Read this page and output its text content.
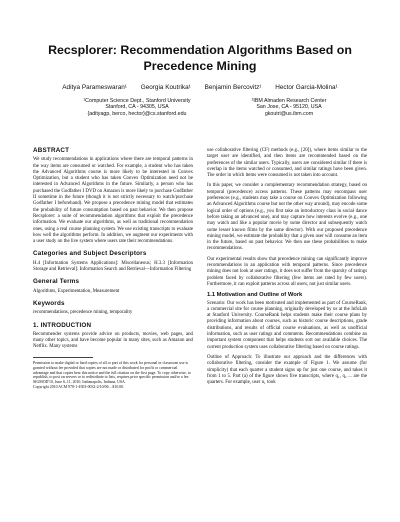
Recsplorer: Recommendation Algorithms Based on Precedence Mining
Aditya Parameswaran¹ Georgia Koutrika¹ Benjamin Bercovitz¹ Hector Garcia-Molina¹
¹Computer Science Dept., Stanford University
Stanford, CA - 94305, USA
{adityagp, berco, hector}@cs.stanford.edu
²IBM Almaden Research Center
San Jose, CA - 95120, USA
gkoutri@us.ibm.com
ABSTRACT

We study recommendations in applications where there are temporal patterns in the way items are consumed or watched. For example, a student who has taken the Advanced Algorithms course is more likely to be interested in Convex Optimization, but a student who has taken Convex Optimization need not be interested in Advanced Algorithms in the future. Similarly, a person who has purchased the Godfather I DVD on Amazon is more likely to purchase Godfather II sometime in the future (though it is not strictly necessary to watch/purchase Godfather I beforehand). We propose a precedence mining model that estimates the probability of future consumption based on past behavior. We then propose Recsplorer: a suite of recommendation algorithms that exploit the precedence information. We evaluate our algorithms, as well as traditional recommendation ones, using a real course planning system. We use existing transcripts to evaluate how well the algorithms perform. In addition, we augment our experiments with a user study on the live system where users rate their recommendations.

Categories and Subject Descriptors

H.4 [Information Systems Applications]: Miscellaneous; H.3.3 [Information Storage and Retrieval]: Information Search and Retrieval—Information Filtering

General Terms

Algorithms, Experimentation, Measurement

Keywords

recommendations, precedence mining, temporality

1. INTRODUCTION

Recommender systems provide advice on products, movies, web pages, and many other topics, and have become popular in many sites, such as Amazon and Netflix. Many systems

Permission to make digital or hard copies of all or part of this work for personal or classroom use is granted without fee provided that copies are not made or distributed for profit or commercial advantage and that copies bear this notice and the full citation on the first page. To copy otherwise, to republish, to post on servers or to redistribute to lists, requires prior specific permission and/or a fee.
SIGMOD'10, June 6–11, 2010, Indianapolis, Indiana, USA.
Copyright 2010 ACM 978-1-4503-0032-2/10/06 ...$10.00.

use collaborative filtering (CF) methods (e.g., [20]), where items similar to the target user are identified, and then items are recommended based on the preferences of the similar users. Typically, users are considered similar if there is overlap in the items watched or consumed, and similar ratings have been given. The order in which items were consumed is not taken into account.

In this paper, we consider a complementary recommendation strategy, based on temporal (precedence) access patterns. These patterns may encompass user preferences (e.g., students may take a course on Convex Optimization following an Advanced Algorithms course but not the other way around), may encode some logical order of options (e.g., you first take an introductory class in social dance before taking an advanced one), and may capture how interests evolve (e.g., one may watch and like a popular movie by some director and subsequently watch some lesser known films by the same director). With our proposed precedence mining model, we estimate the probability that a given user will consume an item in the future, based on past behavior. We then use these probabilities to make recommendations.

Our experimental results show that precedence mining can significantly improve recommendations in an application with temporal patterns. Since precedence mining does not look at user ratings, it does not suffer from the sparsity of ratings problem faced by collaborative filtering (few items are rated by few users). Furthermore, it can exploit patterns across all users, not just similar users.

1.1 Motivation and Outline of Work

Scenario: Our work has been motivated and implemented as part of CourseRank, a commercial site for course planning, originally developed by us at the InfoLab at Stanford University. CourseRank helps students make their course plans by providing information about courses, such as historic course descriptions, grade distributions, and results of official course evaluations, as well as unofficial information, such as user ratings and comments. Recommendations combine an important system component that helps students sort out available choices. The current production system uses collaborative filtering based on course ratings.

Outline of Approach: To illustrate our approach and the differences with collaborative filtering, consider the example of Figure 1. We assume (for simplicity) that each quarter a student signs up for just one course, and takes it from 1 to 5. Part (a) of the figure shows five transcripts, where q₁, q₂ ... are the quarters. For example, user u₁ took
